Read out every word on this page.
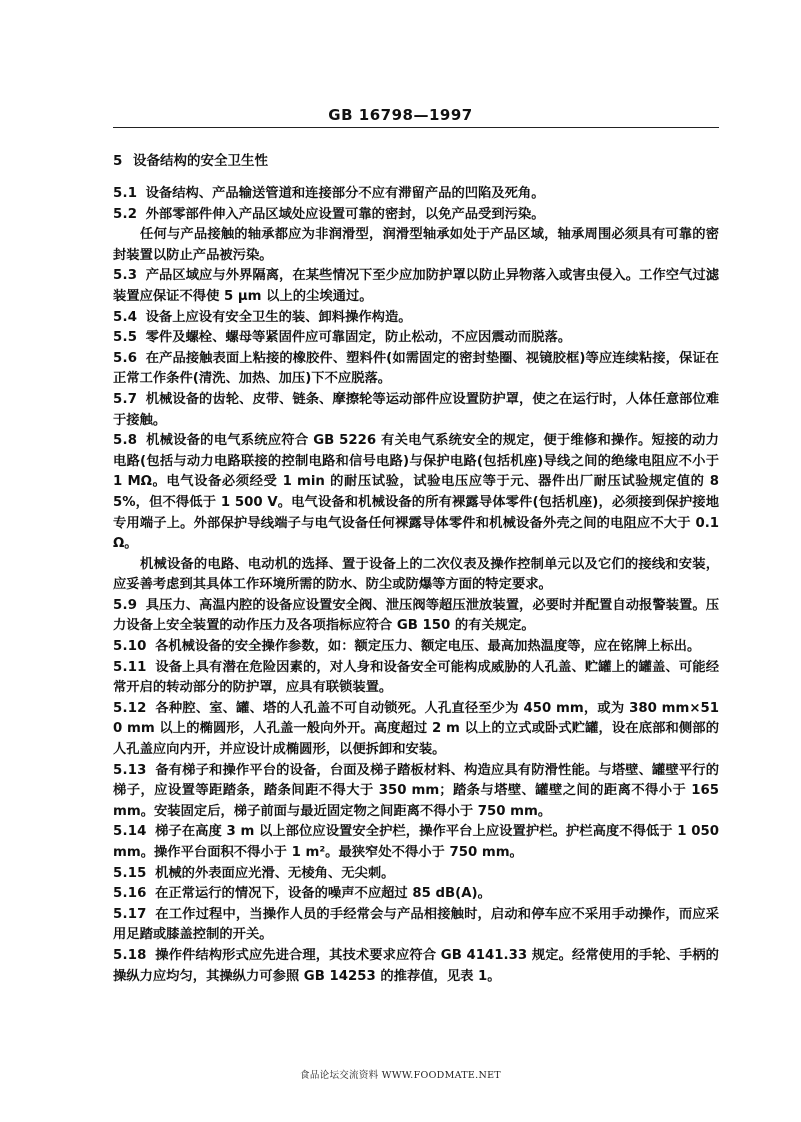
GB 16798—1997
5 设备结构的安全卫生性

5.1 设备结构、产品输送管道和连接部分不应有滞留产品的凹陷及死角。

5.2 外部零部件伸入产品区域处应设置可靠的密封，以免产品受到污染。

任何与产品接触的轴承都应为非润滑型，润滑型轴承如处于产品区域，轴承周围必须具有可靠的密封装置以防止产品被污染。

5.3 产品区域应与外界隔离，在某些情况下至少应加防护罩以防止异物落入或害虫侵入。工作空气过滤装置应保证不得使 5 μm 以上的尘埃通过。

5.4 设备上应设有安全卫生的装、卸料操作构造。

5.5 零件及螺栓、螺母等紧固件应可靠固定，防止松动，不应因震动而脱落。

5.6 在产品接触表面上粘接的橡胶件、塑料件(如需固定的密封垫圈、视镜胶框)等应连续粘接，保证在正常工作条件(清洗、加热、加压)下不应脱落。

5.7 机械设备的齿轮、皮带、链条、摩擦轮等运动部件应设置防护罩，使之在运行时，人体任意部位难于接触。

5.8 机械设备的电气系统应符合 GB 5226 有关电气系统安全的规定，便于维修和操作。短接的动力电路(包括与动力电路联接的控制电路和信号电路)与保护电路(包括机座)导线之间的绝缘电阻应不小于 1 MΩ。电气设备必须经受 1 min 的耐压试验，试验电压应等于元、器件出厂耐压试验规定值的 85%，但不得低于 1 500 V。电气设备和机械设备的所有裸露导体零件(包括机座)，必须接到保护接地专用端子上。外部保护导线端子与电气设备任何裸露导体零件和机械设备外壳之间的电阻应不大于 0.1 Ω。

机械设备的电路、电动机的选择、置于设备上的二次仪表及操作控制单元以及它们的接线和安装，应妥善考虑到其具体工作环境所需的防水、防尘或防爆等方面的特定要求。

5.9 具压力、高温内腔的设备应设置安全阀、泄压阀等超压泄放装置，必要时并配置自动报警装置。压力设备上安全装置的动作压力及各项指标应符合 GB 150 的有关规定。

5.10 各机械设备的安全操作参数，如：额定压力、额定电压、最高加热温度等，应在铭牌上标出。

5.11 设备上具有潜在危险因素的，对人身和设备安全可能构成威胁的人孔盖、贮罐上的罐盖、可能经常开启的转动部分的防护罩，应具有联锁装置。

5.12 各种腔、室、罐、塔的人孔盖不可自动锁死。人孔直径至少为 450 mm，或为 380 mm×510 mm 以上的椭圆形，人孔盖一般向外开。高度超过 2 m 以上的立式或卧式贮罐，设在底部和侧部的人孔盖应向内开，并应设计成椭圆形，以便拆卸和安装。

5.13 备有梯子和操作平台的设备，台面及梯子踏板材料、构造应具有防滑性能。与塔壁、罐壁平行的梯子，应设置等距踏条，踏条间距不得大于 350 mm；踏条与塔壁、罐壁之间的距离不得小于 165 mm。安装固定后，梯子前面与最近固定物之间距离不得小于 750 mm。

5.14 梯子在高度 3 m 以上部位应设置安全护栏，操作平台上应设置护栏。护栏高度不得低于 1 050 mm。操作平台面积不得小于 1 m²。最狭窄处不得小于 750 mm。

5.15 机械的外表面应光滑、无棱角、无尖刺。

5.16 在正常运行的情况下，设备的噪声不应超过 85 dB(A)。

5.17 在工作过程中，当操作人员的手经常会与产品相接触时，启动和停车应不采用手动操作，而应采用足踏或膝盖控制的开关。

5.18 操作件结构形式应先进合理，其技术要求应符合 GB 4141.33 规定。经常使用的手轮、手柄的操纵力应均匀，其操纵力可参照 GB 14253 的推荐值，见表 1。

食品论坛交流资料 WWW.FOODMATE.NET
